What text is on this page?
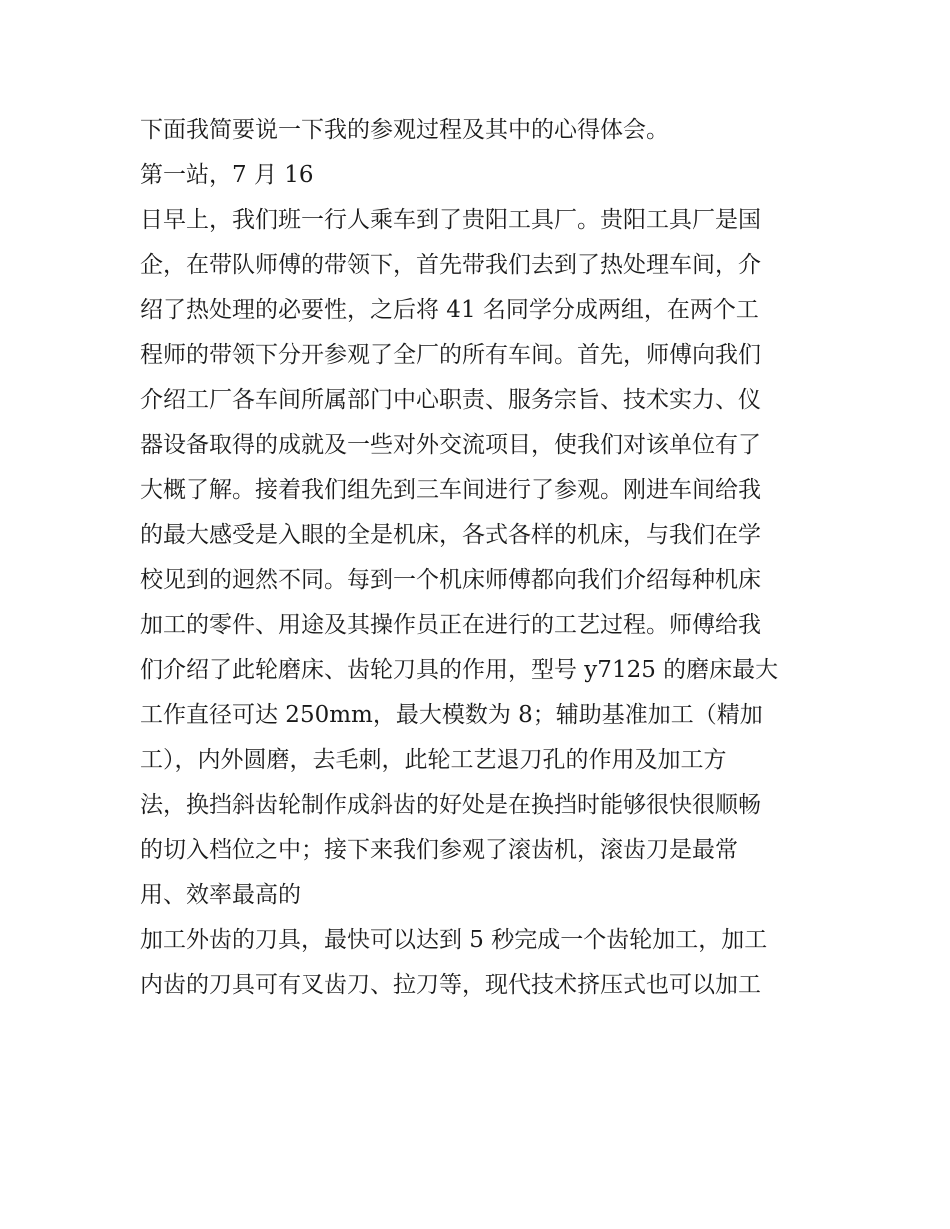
下面我简要说一下我的参观过程及其中的心得体会。
第一站，7 月 16
日早上，我们班一行人乘车到了贵阳工具厂。贵阳工具厂是国
企，在带队师傅的带领下，首先带我们去到了热处理车间，介
绍了热处理的必要性，之后将 41 名同学分成两组，在两个工
程师的带领下分开参观了全厂的所有车间。首先，师傅向我们
介绍工厂各车间所属部门中心职责、服务宗旨、技术实力、仪
器设备取得的成就及一些对外交流项目，使我们对该单位有了
大概了解。接着我们组先到三车间进行了参观。刚进车间给我
的最大感受是入眼的全是机床，各式各样的机床，与我们在学
校见到的迥然不同。每到一个机床师傅都向我们介绍每种机床
加工的零件、用途及其操作员正在进行的工艺过程。师傅给我
们介绍了此轮磨床、齿轮刀具的作用，型号 y7125 的磨床最大
工作直径可达 250mm，最大模数为 8；辅助基准加工（精加
工），内外圆磨，去毛刺，此轮工艺退刀孔的作用及加工方
法，换挡斜齿轮制作成斜齿的好处是在换挡时能够很快很顺畅
的切入档位之中；接下来我们参观了滚齿机，滚齿刀是最常
用、效率最高的
加工外齿的刀具，最快可以达到 5 秒完成一个齿轮加工，加工
内齿的刀具可有叉齿刀、拉刀等，现代技术挤压式也可以加工
